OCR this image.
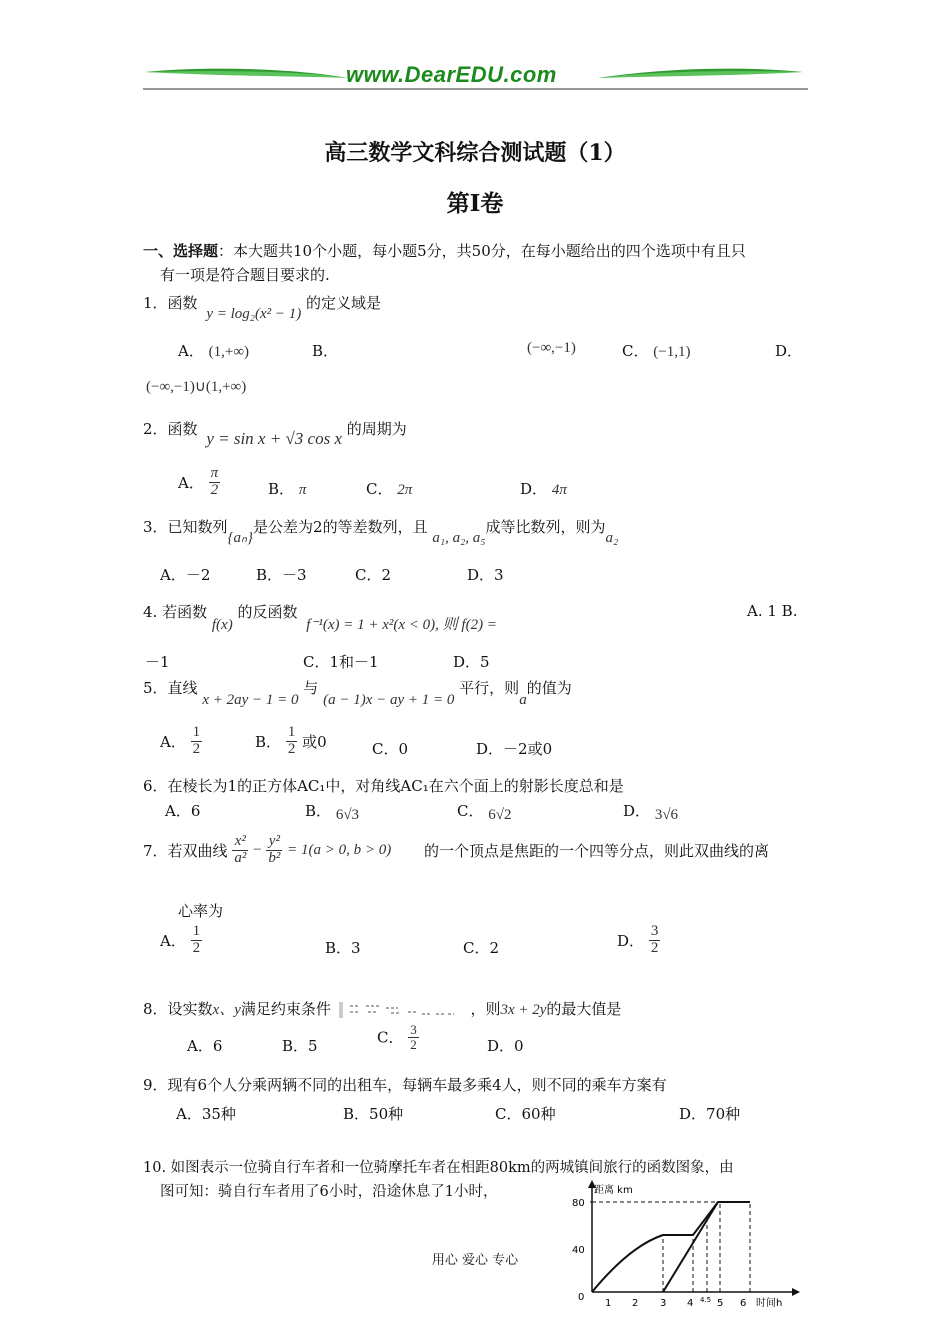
www.DearEDU.com
高三数学文科综合测试题（1）
第Ⅰ卷
一、选择题：本大题共10个小题，每小题5分，共50分，在每小题给出的四个选项中有且只
有一项是符合题目要求的.
1．函数 y = log₂(x² − 1) 的定义域是
A． (1,+∞)	B．	(−∞,−1)	C． (−1,1)	D．
(−∞,−1)∪(1,+∞)
2．函数 y = sin x + √3 cos x 的周期为
A． $\frac{\pi}{2}$	B． π	C． 2π	D． 4π
3．已知数列{aₙ}是公差为2的等差数列，且 a₁, a₂, a₅成等比数列，则为a₂
A．－2	B．－3	C．2	D．3
4. 若函数 f(x) 的反函数 f⁻¹(x) = 1 + x²(x < 0), 则 f(2) =
A. 1 B.
－1	C．1和－1	D．5
5．直线 x + 2ay − 1 = 0 与 (a − 1)x − ay + 1 = 0 平行，则a的值为
A． $\frac{1}{2}$	B． $\frac{1}{2}$ 或0	C．0	D．－2或0
6．在棱长为1的正方体AC₁中，对角线AC₁在六个面上的射影长度总和是
A．6	B． 6√3	C． 6√2	D． 3√6
7．若双曲线 $\frac{\text{x²}}{\text{a²}} - \frac{\text{y²}}{\text{b²}} = 1(a > 0$, b > 0) 的一个顶点是焦距的一个四等分点，则此双曲线的离
心率为
A． $\frac{1}{2}$	B．3	C．2	D． $\frac{3}{2}$
8．设实数x、y满足约束条件	，则3x + 2y的最大值是
A．6	B．5	C． $\frac{3}{2}$	D．0
9．现有6个人分乘两辆不同的出租车，每辆车最多乘4人，则不同的乘车方案有
A．35种	B．50种	C．60种	D．70种
10. 如图表示一位骑自行车者和一位骑摩托车者在相距80km的两城镇间旅行的函数图象，由
图可知：骑自行车者用了6小时，沿途休息了1小时，	距离 km
80
40
0
1 2 3 4 4.5 5 6 时间h
用心 爱心 专心
